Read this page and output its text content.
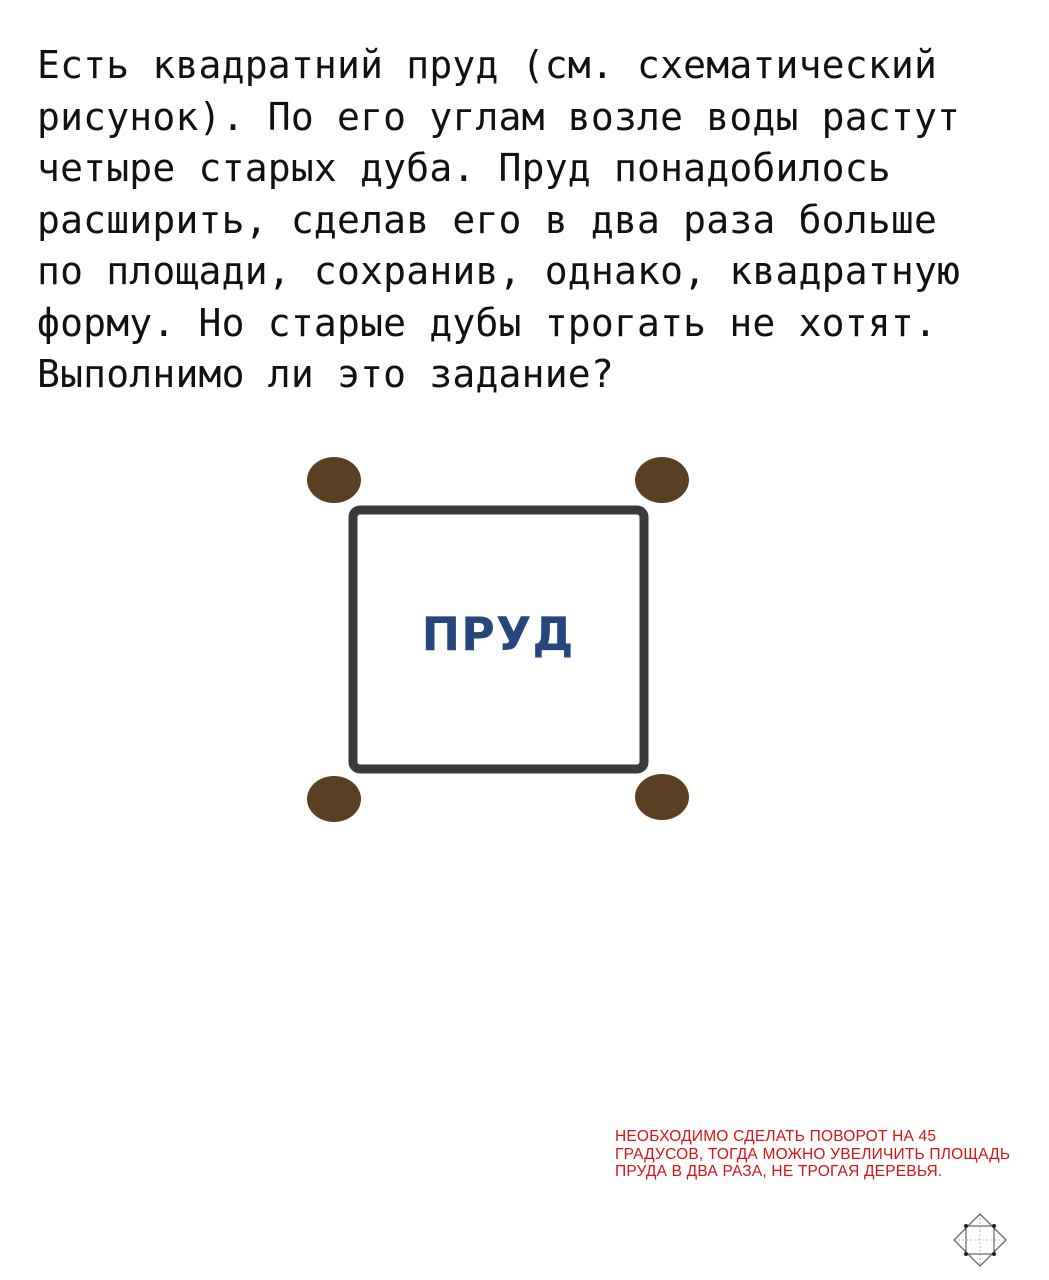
Есть квадратний пруд (см. схематический
рисунок). По его углам возле воды растут
четыре старых дуба. Пруд понадобилось
расширить, сделав его в два раза больше
по площади, сохранив, однако, квадратную
форму. Но старые дубы трогать не хотят.
Выполнимо ли это задание?
ПРУД

НЕОБХОДИМО СДЕЛАТЬ ПОВОРОТ НА 45 ГРАДУСОВ, ТОГДА МОЖНО УВЕЛИЧИТЬ ПЛОЩАДЬ ПРУДА В ДВА РАЗА, НЕ ТРОГАЯ ДЕРЕВЬЯ.
